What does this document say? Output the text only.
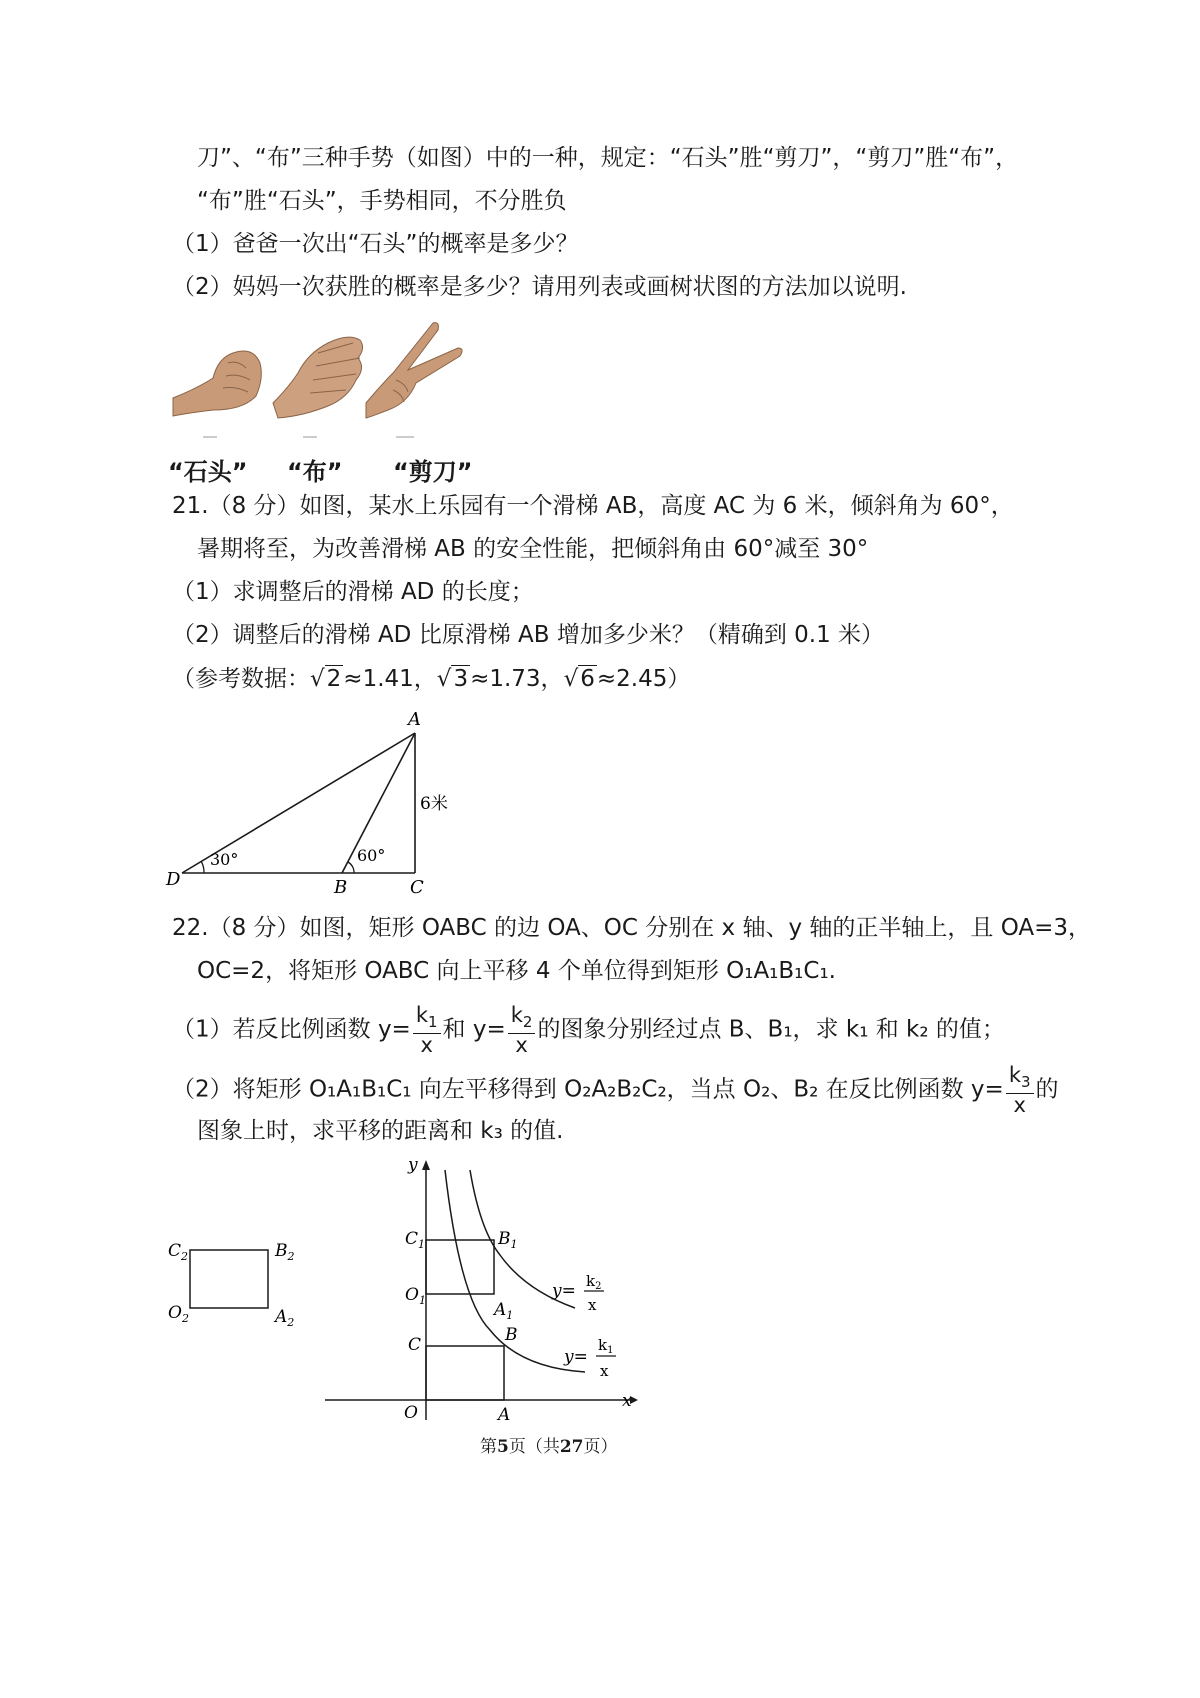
刀”、“布”三种手势（如图）中的一种，规定：“石头”胜“剪刀”，“剪刀”胜“布”，
“布”胜“石头”，手势相同，不分胜负
（1）爸爸一次出“石头”的概率是多少？
（2）妈妈一次获胜的概率是多少？请用列表或画树状图的方法加以说明.
“石头” “布” “剪刀”
21.（8 分）如图，某水上乐园有一个滑梯 AB，高度 AC 为 6 米，倾斜角为 60°，
暑期将至，为改善滑梯 AB 的安全性能，把倾斜角由 60°减至 30°
（1）求调整后的滑梯 AD 的长度；
（2）调整后的滑梯 AD 比原滑梯 AB 增加多少米？（精确到 0.1 米）
（参考数据：√2≈1.41，√3≈1.73，√6≈2.45）
A
B	C
D
30°	60°
6米
22.（8 分）如图，矩形 OABC 的边 OA、OC 分别在 x 轴、y 轴的正半轴上，且 OA=3，
OC=2，将矩形 OABC 向上平移 4 个单位得到矩形 O₁A₁B₁C₁.
（1）若反比例函数 $y= \frac{k_1}{x}$ 和 $y= \frac{k_2}{x}$ 的图象分别经过点 B、B₁，求 k₁ 和 k₂ 的值；
（2）将矩形 O₁A₁B₁C₁ 向左平移得到 O₂A₂B₂C₂，当点 O₂、B₂ 在反比例函数 $y= \frac{k_3}{x}$ 的
图象上时，求平移的距离和 k₃ 的值.
$C_2$	$B_2$
$O_2$	$A_2$
x
y
$C_1$	$B_1$
$O_1$	$A_1$
C	B
O	A
$y= k_2$
x
y=
$k_1$
x
第5页（共27页）
